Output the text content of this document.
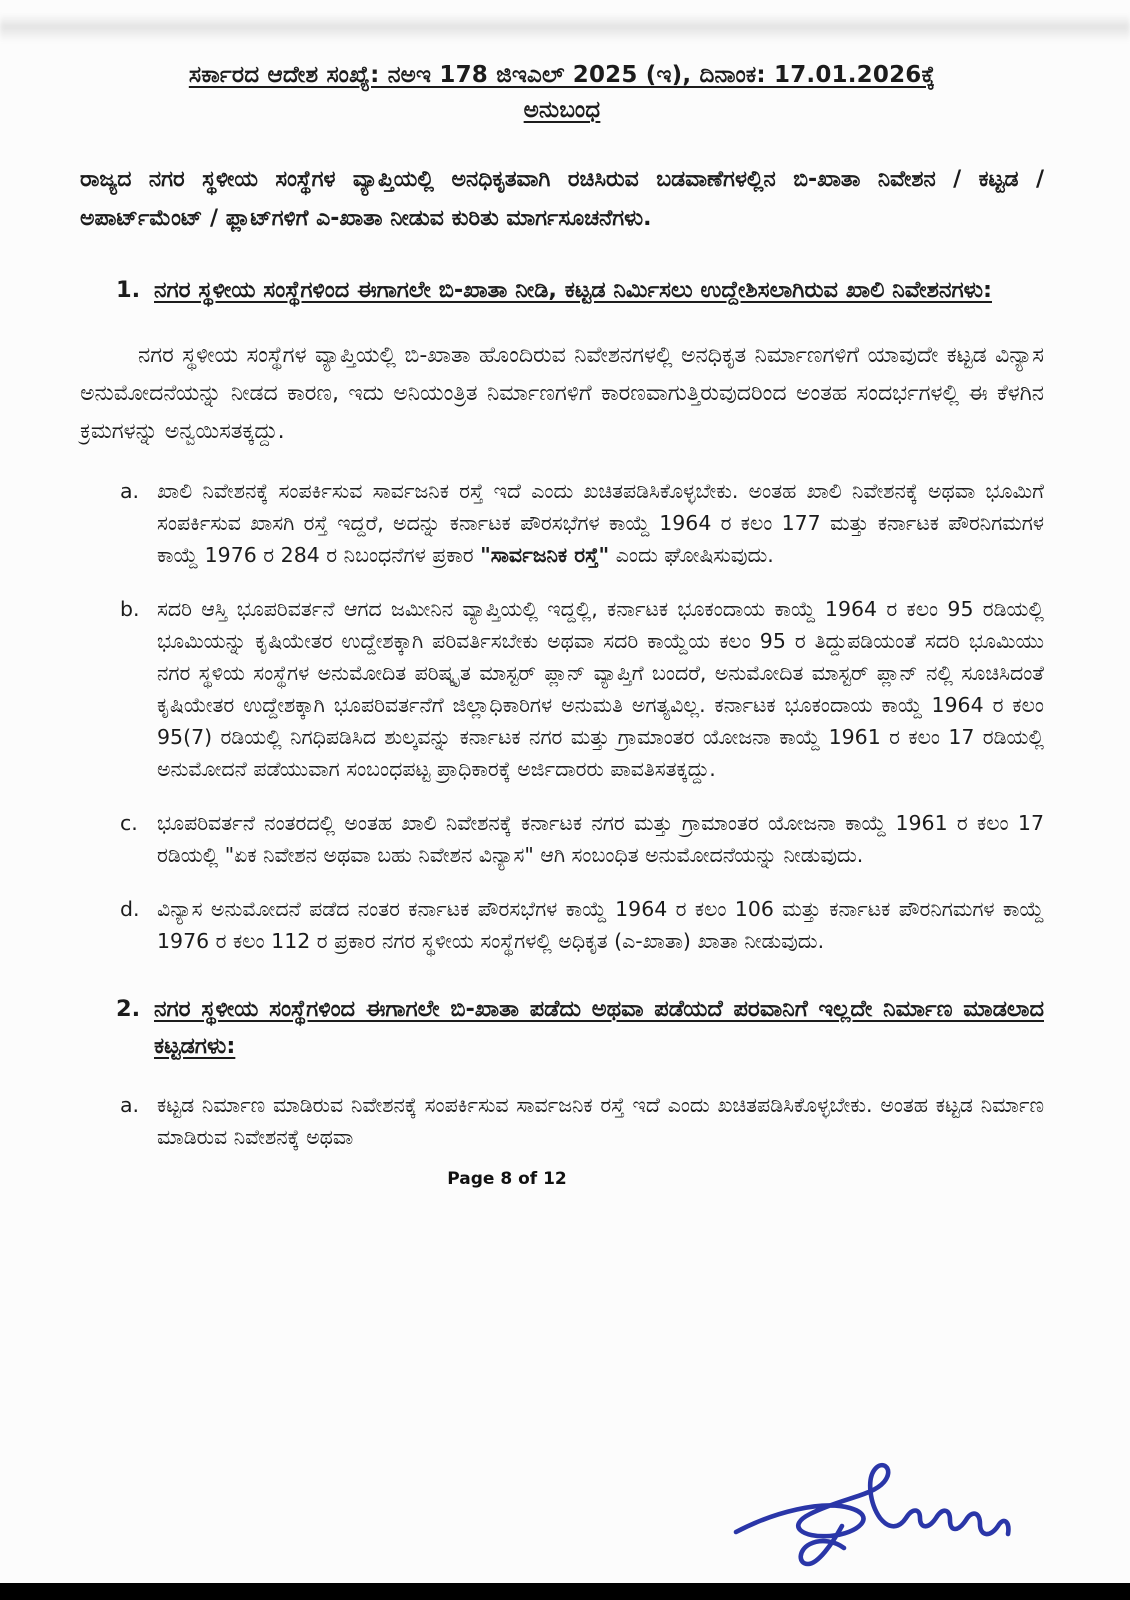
ಸರ್ಕಾರದ ಆದೇಶ ಸಂಖ್ಯೆ: ನಅಇ 178 ಜಿಇಎಲ್ 2025 (ಇ), ದಿನಾಂಕ: 17.01.2026ಕ್ಕೆ
ಅನುಬಂಧ

ರಾಜ್ಯದ ನಗರ ಸ್ಥಳೀಯ ಸಂಸ್ಥೆಗಳ ವ್ಯಾಪ್ತಿಯಲ್ಲಿ ಅನಧಿಕೃತವಾಗಿ ರಚಿಸಿರುವ ಬಡವಾಣೆಗಳಲ್ಲಿನ ಬಿ-ಖಾತಾ ನಿವೇಶನ / ಕಟ್ಟಡ / ಅಪಾರ್ಟ್‌ಮೆಂಟ್ / ಫ್ಲಾಟ್‌ಗಳಿಗೆ ಎ-ಖಾತಾ ನೀಡುವ ಕುರಿತು ಮಾರ್ಗಸೂಚನೆಗಳು.

1. ನಗರ ಸ್ಥಳೀಯ ಸಂಸ್ಥೆಗಳಿಂದ ಈಗಾಗಲೇ ಬಿ-ಖಾತಾ ನೀಡಿ, ಕಟ್ಟಡ ನಿರ್ಮಿಸಲು ಉದ್ದೇಶಿಸಲಾಗಿರುವ ಖಾಲಿ ನಿವೇಶನಗಳು:

ನಗರ ಸ್ಥಳೀಯ ಸಂಸ್ಥೆಗಳ ವ್ಯಾಪ್ತಿಯಲ್ಲಿ ಬಿ-ಖಾತಾ ಹೊಂದಿರುವ ನಿವೇಶನಗಳಲ್ಲಿ ಅನಧಿಕೃತ ನಿರ್ಮಾಣಗಳಿಗೆ ಯಾವುದೇ ಕಟ್ಟಡ ವಿನ್ಯಾಸ ಅನುಮೋದನೆಯನ್ನು ನೀಡದ ಕಾರಣ, ಇದು ಅನಿಯಂತ್ರಿತ ನಿರ್ಮಾಣಗಳಿಗೆ ಕಾರಣವಾಗುತ್ತಿರುವುದರಿಂದ ಅಂತಹ ಸಂದರ್ಭಗಳಲ್ಲಿ ಈ ಕೆಳಗಿನ ಕ್ರಮಗಳನ್ನು ಅನ್ವಯಿಸತಕ್ಕದ್ದು.

a. ಖಾಲಿ ನಿವೇಶನಕ್ಕೆ ಸಂಪರ್ಕಿಸುವ ಸಾರ್ವಜನಿಕ ರಸ್ತೆ ಇದೆ ಎಂದು ಖಚಿತಪಡಿಸಿಕೊಳ್ಳಬೇಕು. ಅಂತಹ ಖಾಲಿ ನಿವೇಶನಕ್ಕೆ ಅಥವಾ ಭೂಮಿಗೆ ಸಂಪರ್ಕಿಸುವ ಖಾಸಗಿ ರಸ್ತೆ ಇದ್ದರೆ, ಅದನ್ನು ಕರ್ನಾಟಕ ಪೌರಸಭೆಗಳ ಕಾಯ್ದೆ 1964 ರ ಕಲಂ 177 ಮತ್ತು ಕರ್ನಾಟಕ ಪೌರನಿಗಮಗಳ ಕಾಯ್ದೆ 1976 ರ 284 ರ ನಿಬಂಧನೆಗಳ ಪ್ರಕಾರ "ಸಾರ್ವಜನಿಕ ರಸ್ತೆ" ಎಂದು ಘೋಷಿಸುವುದು.
b. ಸದರಿ ಆಸ್ತಿ ಭೂಪರಿವರ್ತನೆ ಆಗದ ಜಮೀನಿನ ವ್ಯಾಪ್ತಿಯಲ್ಲಿ ಇದ್ದಲ್ಲಿ, ಕರ್ನಾಟಕ ಭೂಕಂದಾಯ ಕಾಯ್ದೆ 1964 ರ ಕಲಂ 95 ರಡಿಯಲ್ಲಿ ಭೂಮಿಯನ್ನು ಕೃಷಿಯೇತರ ಉದ್ದೇಶಕ್ಕಾಗಿ ಪರಿವರ್ತಿಸಬೇಕು ಅಥವಾ ಸದರಿ ಕಾಯ್ದೆಯ ಕಲಂ 95 ರ ತಿದ್ದುಪಡಿಯಂತೆ ಸದರಿ ಭೂಮಿಯು ನಗರ ಸ್ಥಳಿಯ ಸಂಸ್ಥೆಗಳ ಅನುಮೋದಿತ ಪರಿಷ್ಕೃತ ಮಾಸ್ಟರ್ ಪ್ಲಾನ್ ವ್ಯಾಪ್ತಿಗೆ ಬಂದರೆ, ಅನುಮೋದಿತ ಮಾಸ್ಟರ್ ಪ್ಲಾನ್ ನಲ್ಲಿ ಸೂಚಿಸಿದಂತೆ ಕೃಷಿಯೇತರ ಉದ್ದೇಶಕ್ಕಾಗಿ ಭೂಪರಿವರ್ತನೆಗೆ ಜಿಲ್ಲಾಧಿಕಾರಿಗಳ ಅನುಮತಿ ಅಗತ್ಯವಿಲ್ಲ. ಕರ್ನಾಟಕ ಭೂಕಂದಾಯ ಕಾಯ್ದೆ 1964 ರ ಕಲಂ 95(7) ರಡಿಯಲ್ಲಿ ನಿಗಧಿಪಡಿಸಿದ ಶುಲ್ಕವನ್ನು ಕರ್ನಾಟಕ ನಗರ ಮತ್ತು ಗ್ರಾಮಾಂತರ ಯೋಜನಾ ಕಾಯ್ದೆ 1961 ರ ಕಲಂ 17 ರಡಿಯಲ್ಲಿ ಅನುಮೋದನೆ ಪಡೆಯುವಾಗ ಸಂಬಂಧಪಟ್ಟ ಪ್ರಾಧಿಕಾರಕ್ಕೆ ಅರ್ಜಿದಾರರು ಪಾವತಿಸತಕ್ಕದ್ದು.
c. ಭೂಪರಿವರ್ತನೆ ನಂತರದಲ್ಲಿ ಅಂತಹ ಖಾಲಿ ನಿವೇಶನಕ್ಕೆ ಕರ್ನಾಟಕ ನಗರ ಮತ್ತು ಗ್ರಾಮಾಂತರ ಯೋಜನಾ ಕಾಯ್ದೆ 1961 ರ ಕಲಂ 17 ರಡಿಯಲ್ಲಿ "ಏಕ ನಿವೇಶನ ಅಥವಾ ಬಹು ನಿವೇಶನ ವಿನ್ಯಾಸ" ಆಗಿ ಸಂಬಂಧಿತ ಅನುಮೋದನೆಯನ್ನು ನೀಡುವುದು.
d. ವಿನ್ಯಾಸ ಅನುಮೋದನೆ ಪಡೆದ ನಂತರ ಕರ್ನಾಟಕ ಪೌರಸಭೆಗಳ ಕಾಯ್ದೆ 1964 ರ ಕಲಂ 106 ಮತ್ತು ಕರ್ನಾಟಕ ಪೌರನಿಗಮಗಳ ಕಾಯ್ದೆ 1976 ರ ಕಲಂ 112 ರ ಪ್ರಕಾರ ನಗರ ಸ್ಥಳೀಯ ಸಂಸ್ಥೆಗಳಲ್ಲಿ ಅಧಿಕೃತ (ಎ-ಖಾತಾ) ಖಾತಾ ನೀಡುವುದು.
2. ನಗರ ಸ್ಥಳೀಯ ಸಂಸ್ಥೆಗಳಿಂದ ಈಗಾಗಲೇ ಬಿ-ಖಾತಾ ಪಡೆದು ಅಥವಾ ಪಡೆಯದೆ ಪರವಾನಿಗೆ ಇಲ್ಲದೇ ನಿರ್ಮಾಣ ಮಾಡಲಾದ ಕಟ್ಟಡಗಳು:
a. ಕಟ್ಟಡ ನಿರ್ಮಾಣ ಮಾಡಿರುವ ನಿವೇಶನಕ್ಕೆ ಸಂಪರ್ಕಿಸುವ ಸಾರ್ವಜನಿಕ ರಸ್ತೆ ಇದೆ ಎಂದು ಖಚಿತಪಡಿಸಿಕೊಳ್ಳಬೇಕು. ಅಂತಹ ಕಟ್ಟಡ ನಿರ್ಮಾಣ ಮಾಡಿರುವ ನಿವೇಶನಕ್ಕೆ ಅಥವಾ
Page 8 of 12
